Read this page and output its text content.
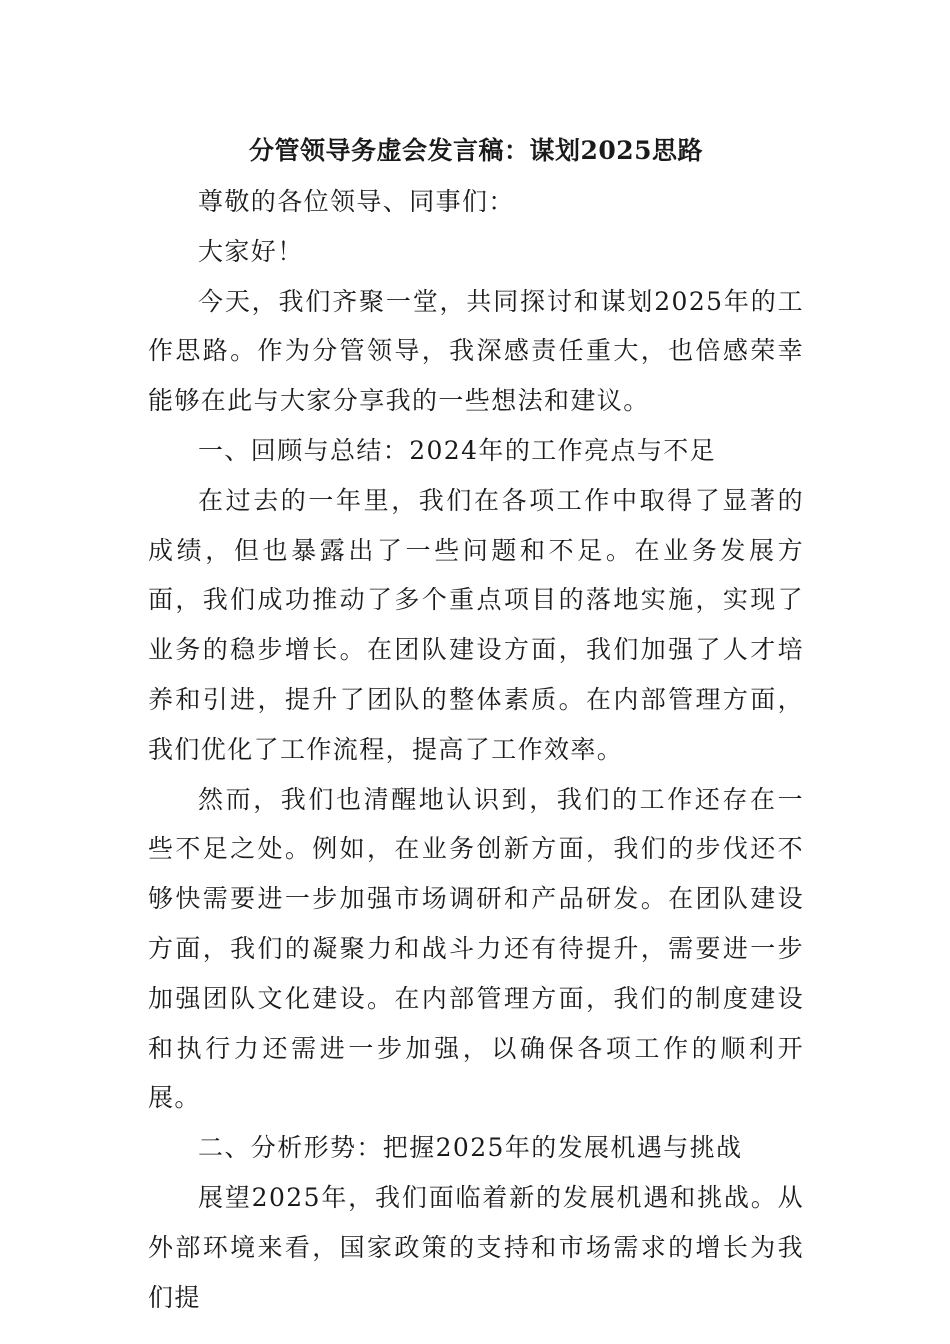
分管领导务虚会发言稿：谋划2025思路

尊敬的各位领导、同事们：

大家好！

今天，我们齐聚一堂，共同探讨和谋划2025年的工作思路。作为分管领导，我深感责任重大，也倍感荣幸能够在此与大家分享我的一些想法和建议。

一、回顾与总结：2024年的工作亮点与不足

在过去的一年里，我们在各项工作中取得了显著的成绩，但也暴露出了一些问题和不足。在业务发展方面，我们成功推动了多个重点项目的落地实施，实现了业务的稳步增长。在团队建设方面，我们加强了人才培养和引进，提升了团队的整体素质。在内部管理方面，我们优化了工作流程，提高了工作效率。

然而，我们也清醒地认识到，我们的工作还存在一些不足之处。例如，在业务创新方面，我们的步伐还不够快需要进一步加强市场调研和产品研发。在团队建设方面，我们的凝聚力和战斗力还有待提升，需要进一步加强团队文化建设。在内部管理方面，我们的制度建设和执行力还需进一步加强，以确保各项工作的顺利开展。

二、分析形势：把握2025年的发展机遇与挑战

展望2025年，我们面临着新的发展机遇和挑战。从外部环境来看，国家政策的支持和市场需求的增长为我们提
